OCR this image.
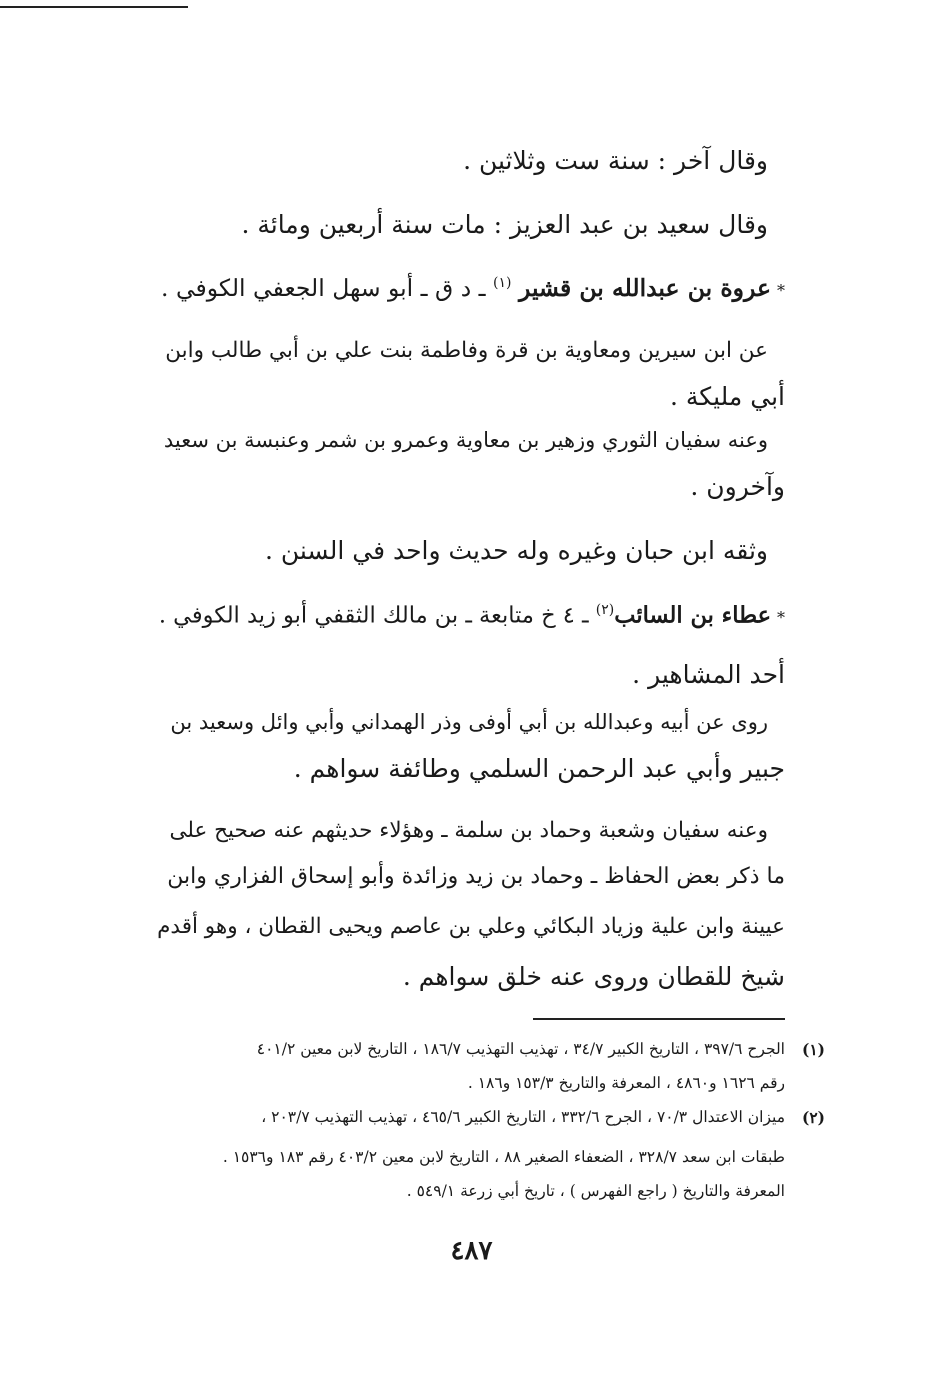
وقال آخر : سنة ست وثلاثين .
وقال سعيد بن عبد العزيز : مات سنة أربعين ومائة .
*عروة بن عبدالله بن قشير $^{(١)}$ ـ د ق ـ أبو سهل الجعفي الكوفي .
عن ابن سيرين ومعاوية بن قرة وفاطمة بنت علي بن أبي طالب وابن
أبي مليكة .
وعنه سفيان الثوري وزهير بن معاوية وعمرو بن شمر وعنبسة بن سعيد
وآخرون .
وثقه ابن حبان وغيره وله حديث واحد في السنن .
*عطاء بن السائب$^{(٢)}$ ـ ٤ خ متابعة ـ بن مالك الثقفي أبو زيد الكوفي .
أحد المشاهير .
روى عن أبيه وعبدالله بن أبي أوفى وذر الهمداني وأبي وائل وسعيد بن
جبير وأبي عبد الرحمن السلمي وطائفة سواهم .
وعنه سفيان وشعبة وحماد بن سلمة ـ وهؤلاء حديثهم عنه صحيح على
ما ذكر بعض الحفاظ ـ وحماد بن زيد وزائدة وأبو إسحاق الفزاري وابن
عيينة وابن علية وزياد البكائي وعلي بن عاصم ويحيى القطان ، وهو أقدم
شيخ للقطان وروى عنه خلق سواهم .
(١)
الجرح ٣٩٧/٦ ، التاريخ الكبير ٣٤/٧ ، تهذيب التهذيب ١٨٦/٧ ، التاريخ لابن معين ٤٠١/٢
رقم ١٦٢٦ و٤٨٦٠ ، المعرفة والتاريخ ١٥٣/٣ و١٨٦ .
(٢)
ميزان الاعتدال ٧٠/٣ ، الجرح ٣٣٢/٦ ، التاريخ الكبير ٤٦٥/٦ ، تهذيب التهذيب ٢٠٣/٧ ،
طبقات ابن سعد ٣٢٨/٧ ، الضعفاء الصغير ٨٨ ، التاريخ لابن معين ٤٠٣/٢ رقم ١٨٣ و١٥٣٦ .
المعرفة والتاريخ ( راجع الفهرس ) ، تاريخ أبي زرعة ٥٤٩/١ .
٤٨٧
